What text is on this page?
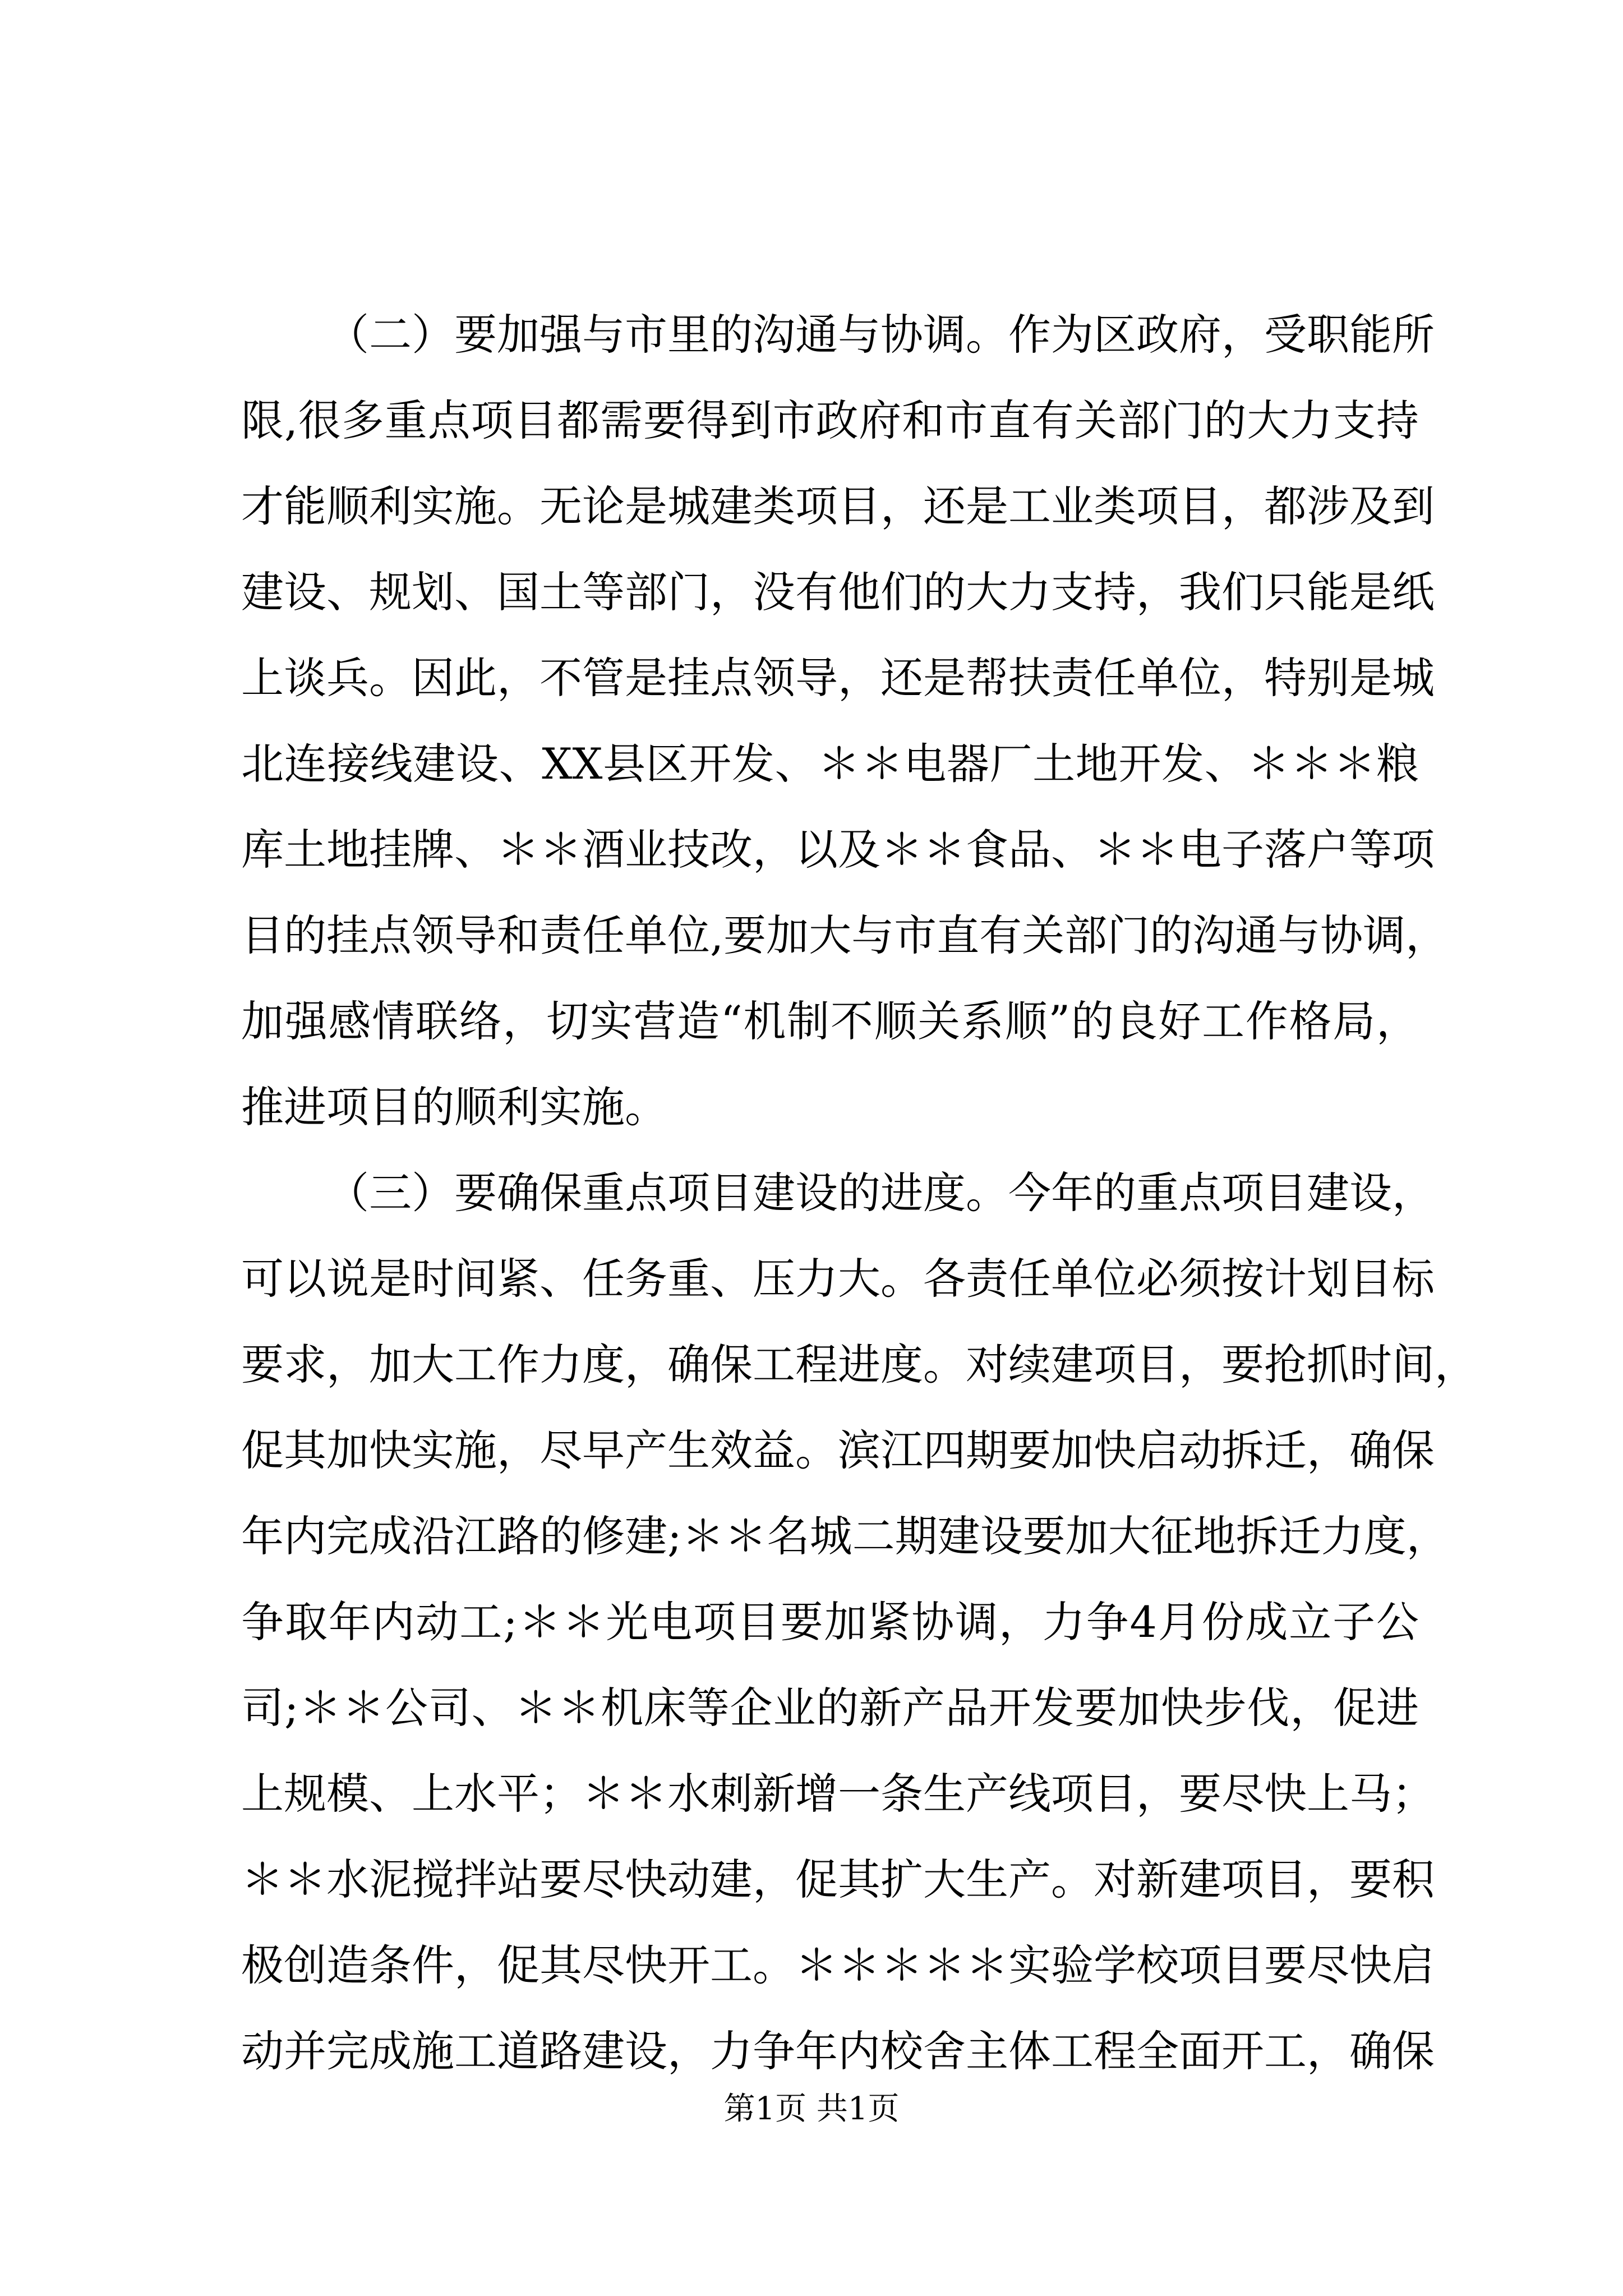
（二）要加强与市里的沟通与协调。作为区政府，受职能所
限,很多重点项目都需要得到市政府和市直有关部门的大力支持
才能顺利实施。无论是城建类项目，还是工业类项目，都涉及到
建设、规划、国土等部门，没有他们的大力支持，我们只能是纸
上谈兵。因此，不管是挂点领导，还是帮扶责任单位，特别是城
北连接线建设、XX县区开发、＊＊电器厂土地开发、＊＊＊粮
库土地挂牌、＊＊酒业技改，以及＊＊食品、＊＊电子落户等项
目的挂点领导和责任单位,要加大与市直有关部门的沟通与协调，
加强感情联络，切实营造“机制不顺关系顺”的良好工作格局，
推进项目的顺利实施。
（三）要确保重点项目建设的进度。今年的重点项目建设，
可以说是时间紧、任务重、压力大。各责任单位必须按计划目标
要求，加大工作力度，确保工程进度。对续建项目，要抢抓时间，
促其加快实施，尽早产生效益。滨江四期要加快启动拆迁，确保
年内完成沿江路的修建;＊＊名城二期建设要加大征地拆迁力度，
争取年内动工;＊＊光电项目要加紧协调，力争4月份成立子公
司;＊＊公司、＊＊机床等企业的新产品开发要加快步伐，促进
上规模、上水平；＊＊水刺新增一条生产线项目，要尽快上马；
＊＊水泥搅拌站要尽快动建，促其扩大生产。对新建项目，要积
极创造条件，促其尽快开工。＊＊＊＊＊实验学校项目要尽快启
动并完成施工道路建设，力争年内校舍主体工程全面开工，确保
第1页 共1页
